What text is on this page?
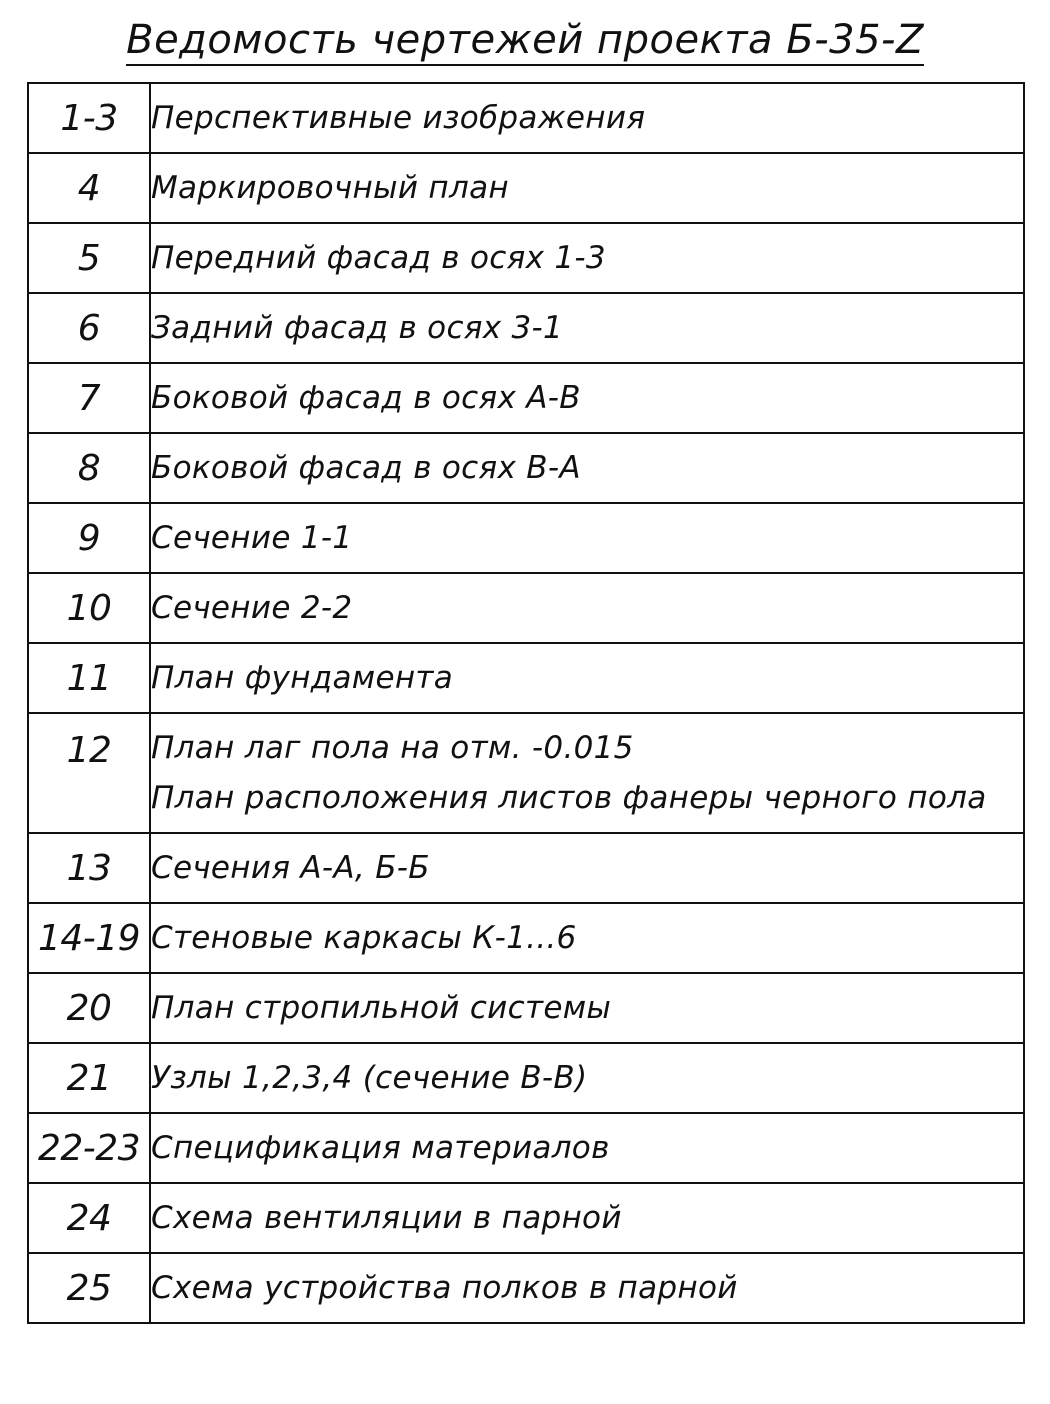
Ведомость чертежей проекта Б-35-Z
1-3	Перспективные изображения

4	Маркировочный план

5	Передний фасад в осях 1-3

6	Задний фасад в осях 3-1

7	Боковой фасад в осях А-В

8	Боковой фасад в осях В-А

9	Сечение 1-1

10	Сечение 2-2

11	План фундамента

12	План лаг пола на отм. -0.015
План расположения листов фанеры черного пола

13	Сечения А-А, Б-Б

14-19	Стеновые каркасы К-1...6

20	План стропильной системы

21	Узлы 1,2,3,4 (сечение В-В)

22-23	Спецификация материалов

24	Схема вентиляции в парной

25	Схема устройства полков в парной
